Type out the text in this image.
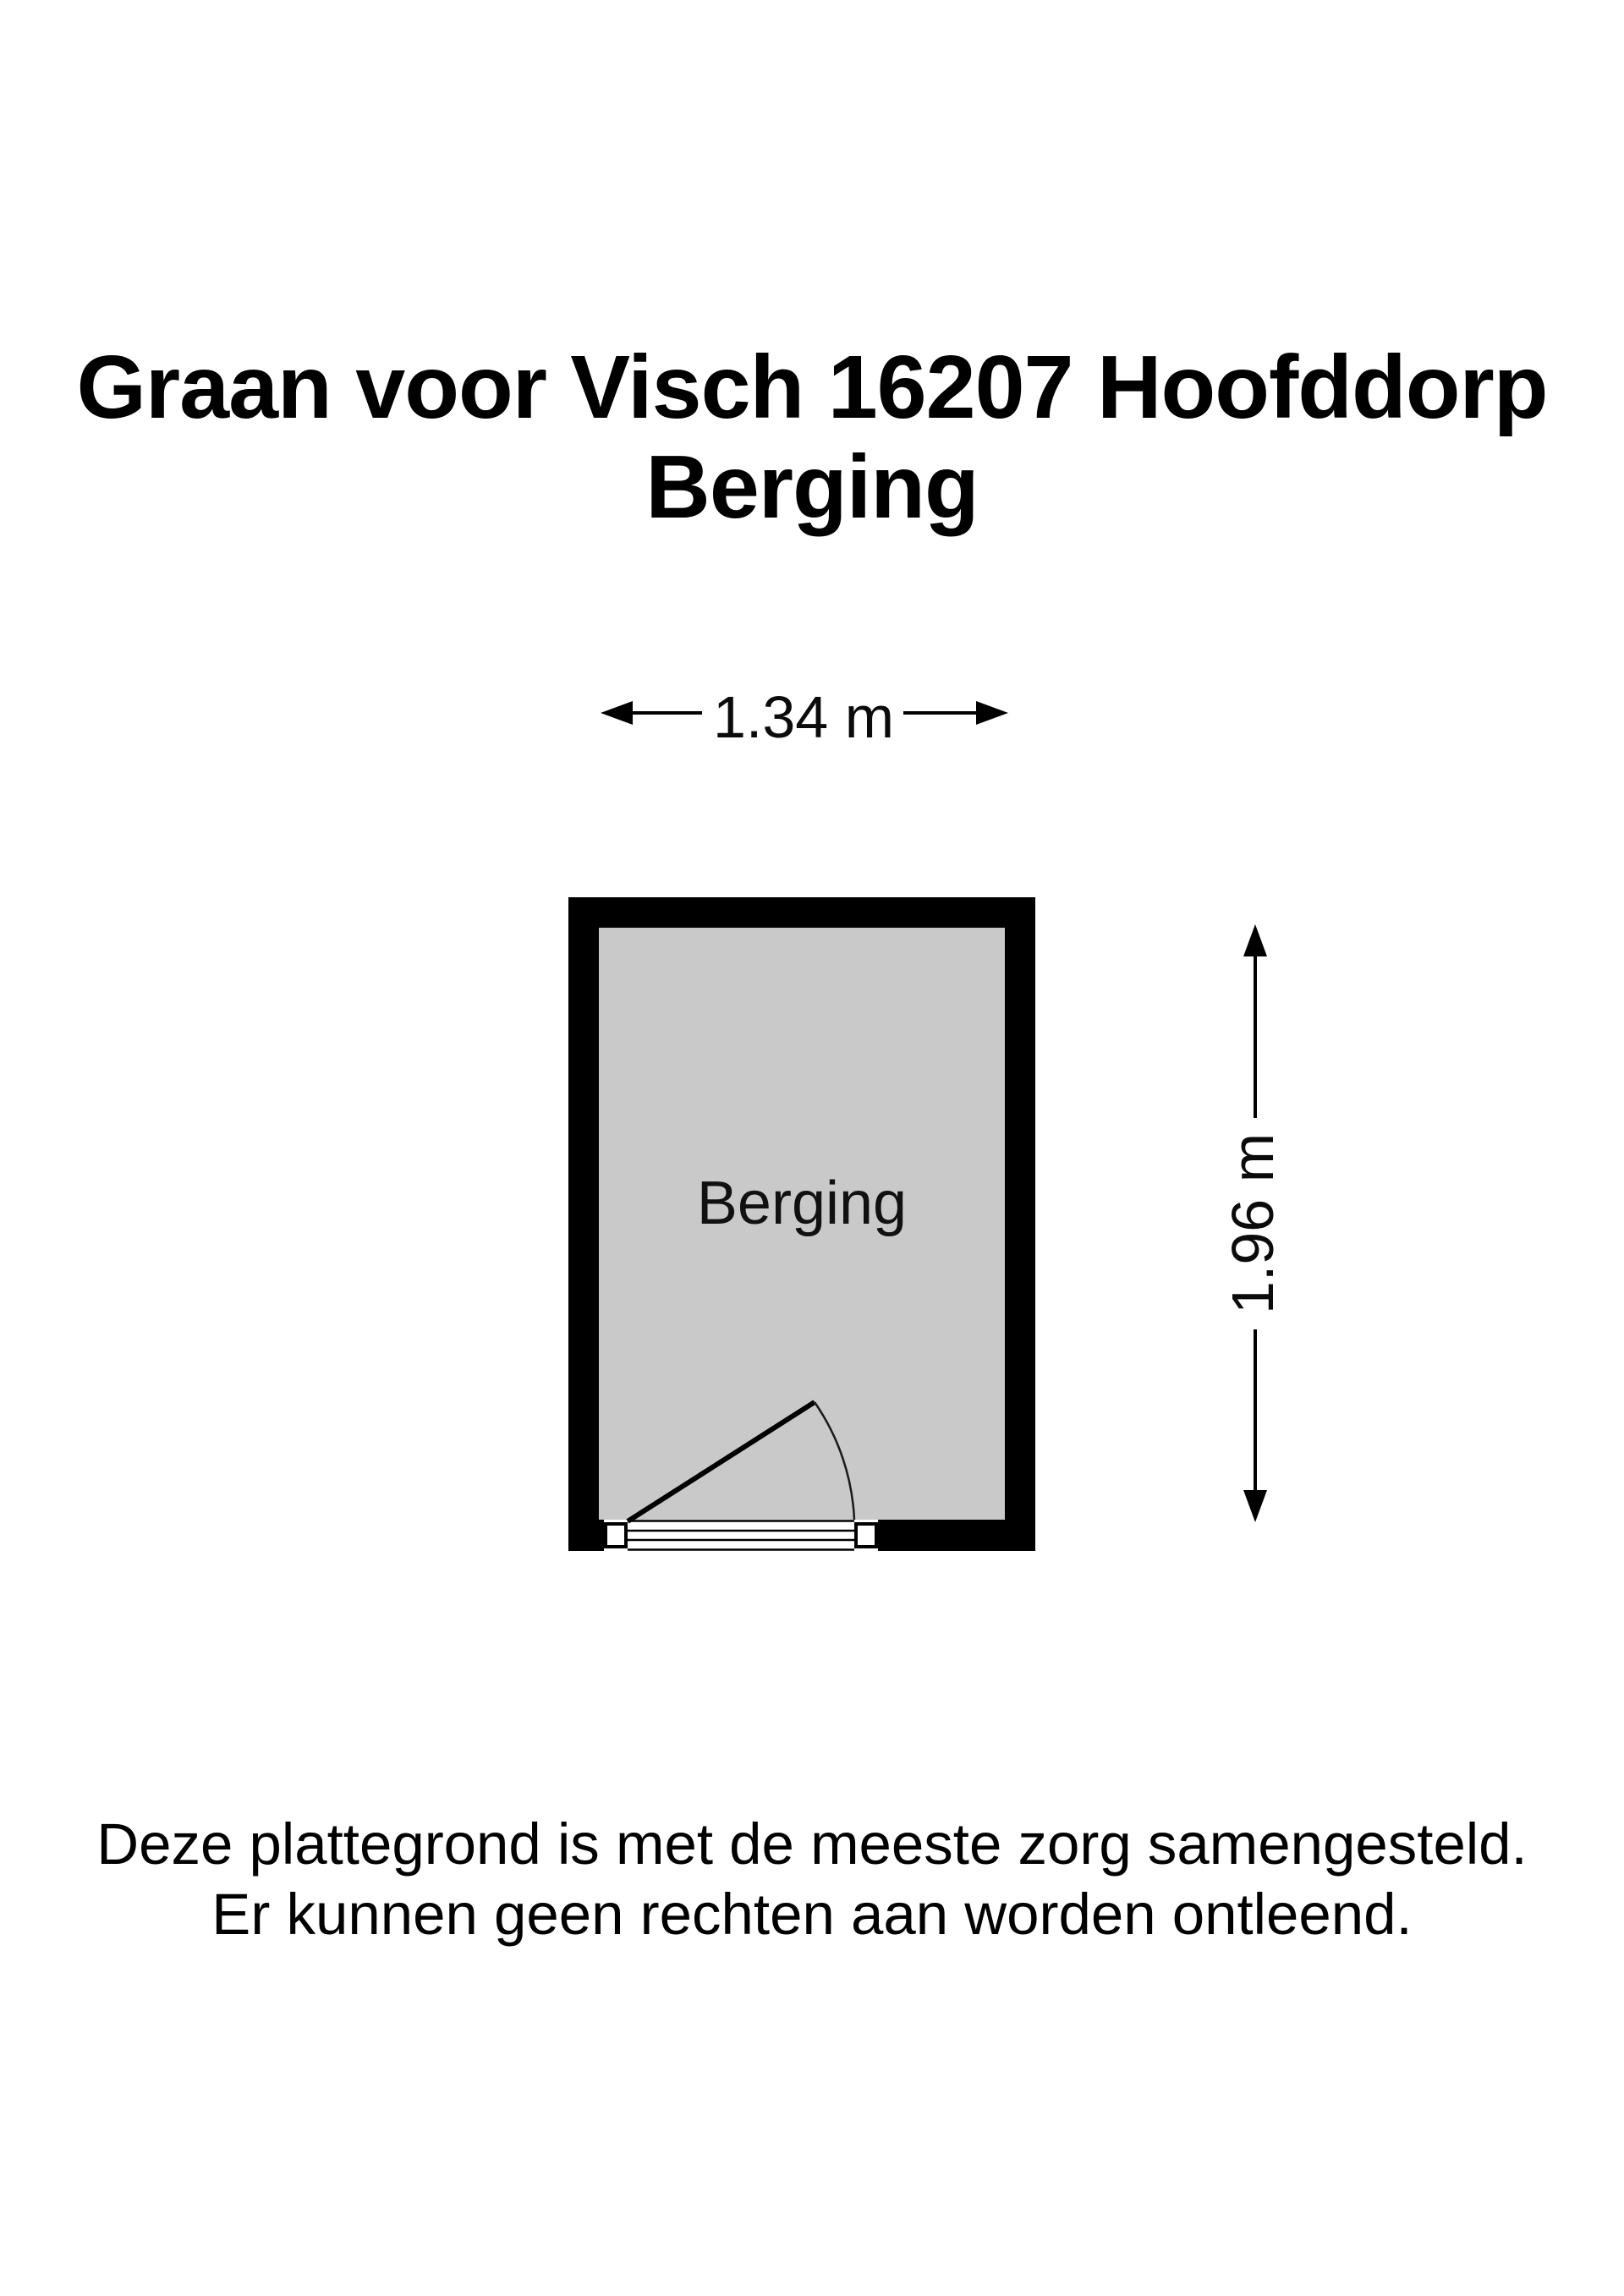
Graan voor Visch 16207 Hoofddorp
Berging
1.34 m
1.96 m
Berging
Deze plattegrond is met de meeste zorg samengesteld.
Er kunnen geen rechten aan worden ontleend.
